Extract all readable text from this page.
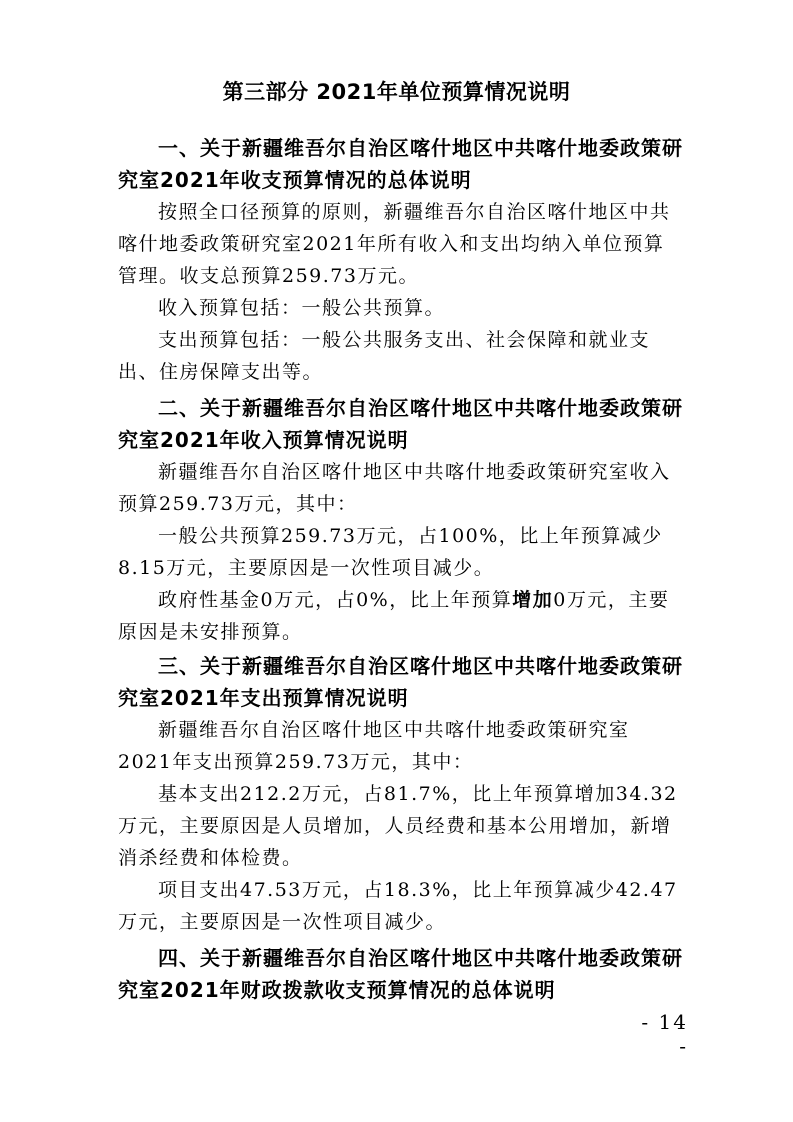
第三部分 2021年单位预算情况说明

一、关于新疆维吾尔自治区喀什地区中共喀什地委政策研究室2021年收支预算情况的总体说明

按照全口径预算的原则，新疆维吾尔自治区喀什地区中共喀什地委政策研究室2021年所有收入和支出均纳入单位预算管理。收支总预算259.73万元。

收入预算包括：一般公共预算。

支出预算包括：一般公共服务支出、社会保障和就业支出、住房保障支出等。

二、关于新疆维吾尔自治区喀什地区中共喀什地委政策研究室2021年收入预算情况说明

新疆维吾尔自治区喀什地区中共喀什地委政策研究室收入预算259.73万元，其中：

一般公共预算259.73万元，占100%，比上年预算减少8.15万元，主要原因是一次性项目减少。

政府性基金0万元，占0%，比上年预算增加0万元，主要原因是未安排预算。

三、关于新疆维吾尔自治区喀什地区中共喀什地委政策研究室2021年支出预算情况说明

新疆维吾尔自治区喀什地区中共喀什地委政策研究室2021年支出预算259.73万元，其中：

基本支出212.2万元，占81.7%，比上年预算增加34.32万元，主要原因是人员增加，人员经费和基本公用增加，新增消杀经费和体检费。

项目支出47.53万元，占18.3%，比上年预算减少42.47万元，主要原因是一次性项目减少。

四、关于新疆维吾尔自治区喀什地区中共喀什地委政策研究室2021年财政拨款收支预算情况的总体说明

- 14 -
